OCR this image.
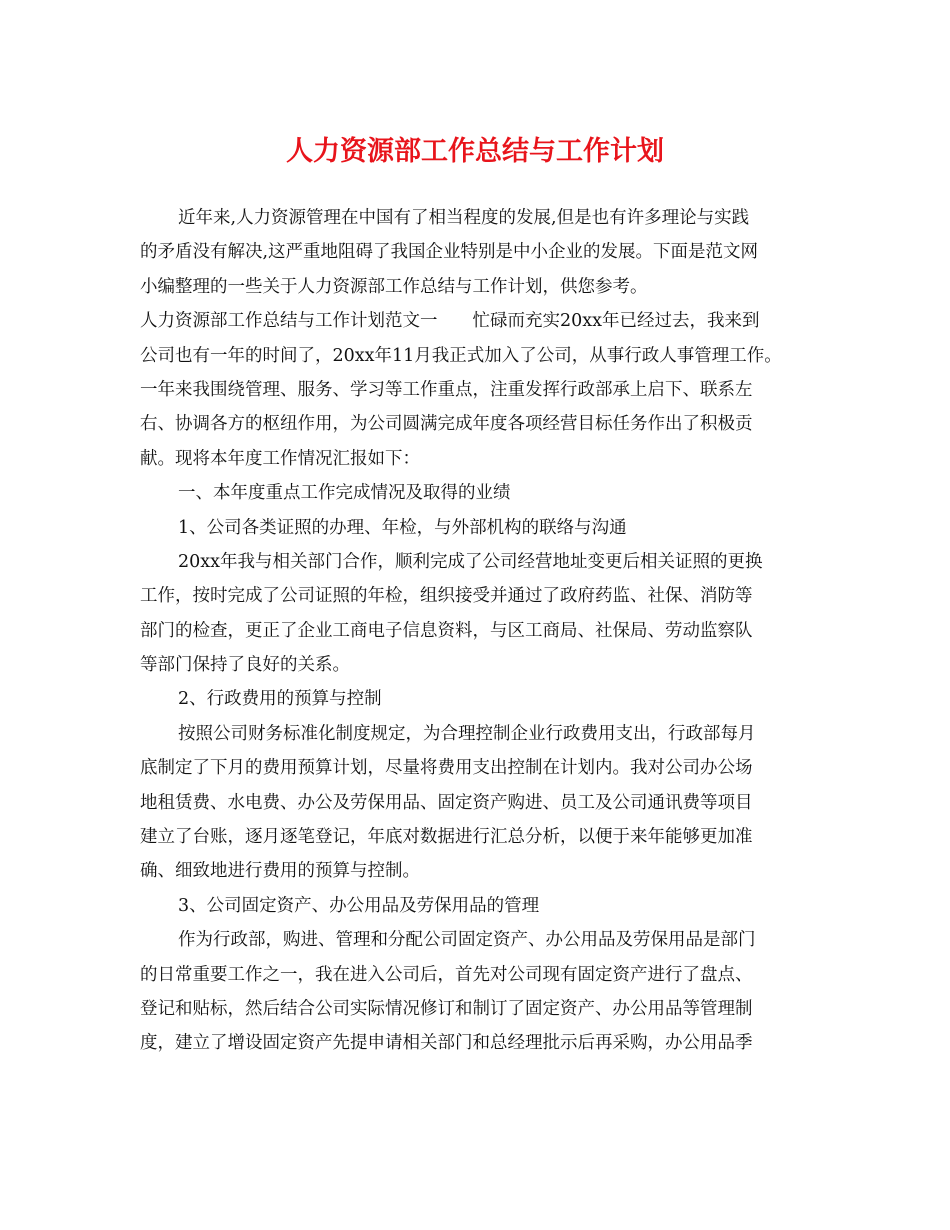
人力资源部工作总结与工作计划

近年来,人力资源管理在中国有了相当程度的发展,但是也有许多理论与实践

的矛盾没有解决,这严重地阻碍了我国企业特别是中小企业的发展。下面是范文网

小编整理的一些关于人力资源部工作总结与工作计划，供您参考。

人力资源部工作总结与工作计划范文一　　忙碌而充实20xx年已经过去，我来到

公司也有一年的时间了，20xx年11月我正式加入了公司，从事行政人事管理工作。

一年来我围绕管理、服务、学习等工作重点，注重发挥行政部承上启下、联系左

右、协调各方的枢纽作用，为公司圆满完成年度各项经营目标任务作出了积极贡

献。现将本年度工作情况汇报如下：

一、本年度重点工作完成情况及取得的业绩

1、公司各类证照的办理、年检，与外部机构的联络与沟通

20xx年我与相关部门合作，顺利完成了公司经营地址变更后相关证照的更换

工作，按时完成了公司证照的年检，组织接受并通过了政府药监、社保、消防等

部门的检查，更正了企业工商电子信息资料，与区工商局、社保局、劳动监察队

等部门保持了良好的关系。

2、行政费用的预算与控制

按照公司财务标准化制度规定，为合理控制企业行政费用支出，行政部每月

底制定了下月的费用预算计划，尽量将费用支出控制在计划内。我对公司办公场

地租赁费、水电费、办公及劳保用品、固定资产购进、员工及公司通讯费等项目

建立了台账，逐月逐笔登记，年底对数据进行汇总分析，以便于来年能够更加准

确、细致地进行费用的预算与控制。

3、公司固定资产、办公用品及劳保用品的管理

作为行政部，购进、管理和分配公司固定资产、办公用品及劳保用品是部门

的日常重要工作之一，我在进入公司后，首先对公司现有固定资产进行了盘点、

登记和贴标，然后结合公司实际情况修订和制订了固定资产、办公用品等管理制

度，建立了增设固定资产先提申请相关部门和总经理批示后再采购，办公用品季
